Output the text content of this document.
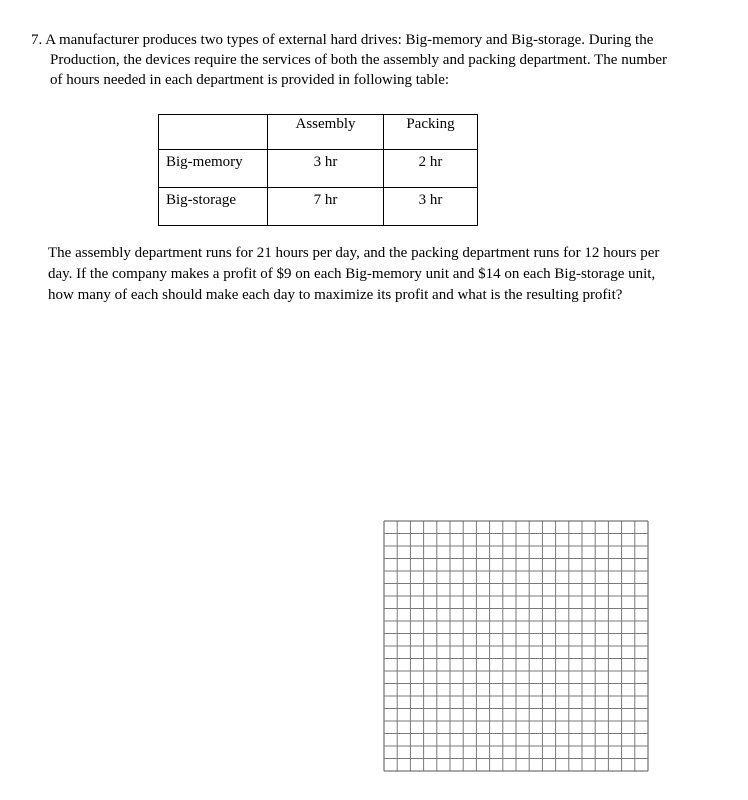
7. A manufacturer produces two types of external hard drives: Big-memory and Big-storage. During the
Production, the devices require the services of both the assembly and packing department. The number
of hours needed in each department is provided in following table:
	Assembly	Packing
Big-memory	3 hr	2 hr
Big-storage	7 hr	3 hr
The assembly department runs for 21 hours per day, and the packing department runs for 12 hours per
day. If the company makes a profit of $9 on each Big-memory unit and $14 on each Big-storage unit,
how many of each should make each day to maximize its profit and what is the resulting profit?
